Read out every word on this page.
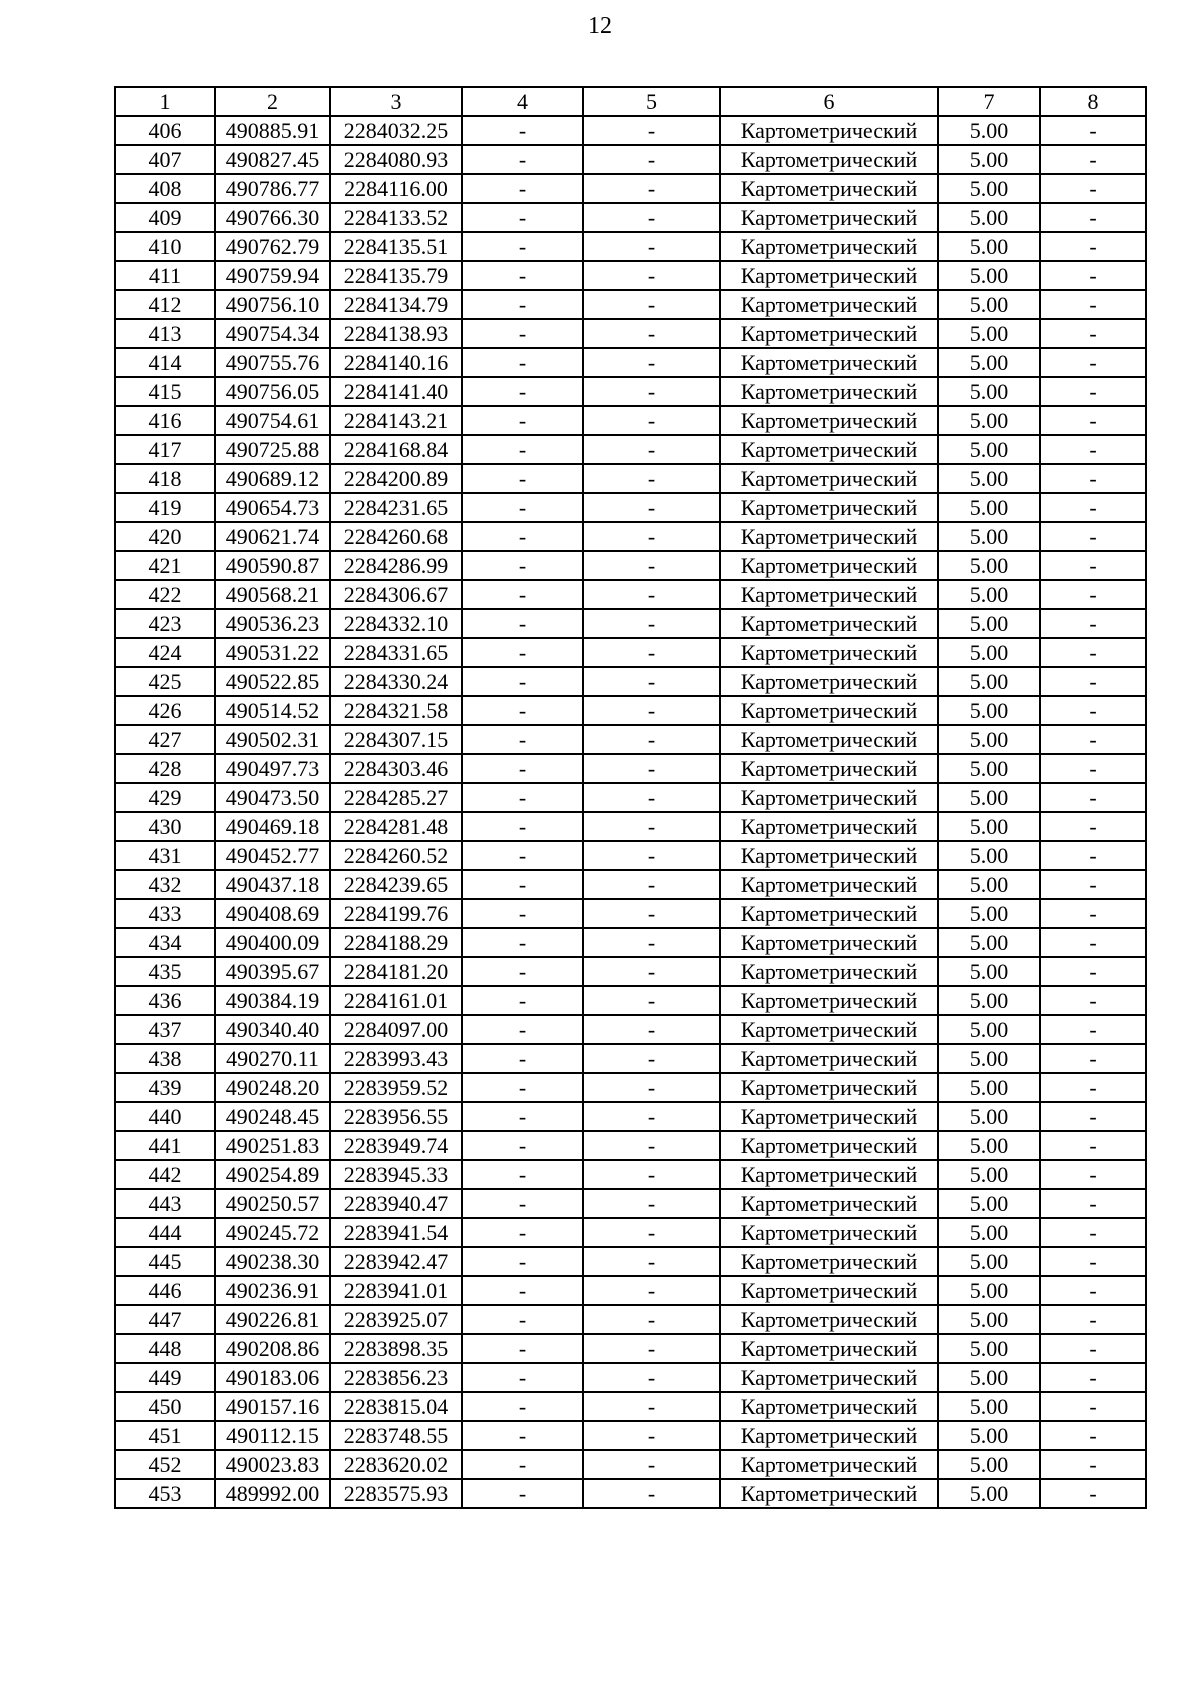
12
1	2	3	4	5	6	7	8
406	490885.91	2284032.25	-	-	Картометрический	5.00	-
407	490827.45	2284080.93	-	-	Картометрический	5.00	-
408	490786.77	2284116.00	-	-	Картометрический	5.00	-
409	490766.30	2284133.52	-	-	Картометрический	5.00	-
410	490762.79	2284135.51	-	-	Картометрический	5.00	-
411	490759.94	2284135.79	-	-	Картометрический	5.00	-
412	490756.10	2284134.79	-	-	Картометрический	5.00	-
413	490754.34	2284138.93	-	-	Картометрический	5.00	-
414	490755.76	2284140.16	-	-	Картометрический	5.00	-
415	490756.05	2284141.40	-	-	Картометрический	5.00	-
416	490754.61	2284143.21	-	-	Картометрический	5.00	-
417	490725.88	2284168.84	-	-	Картометрический	5.00	-
418	490689.12	2284200.89	-	-	Картометрический	5.00	-
419	490654.73	2284231.65	-	-	Картометрический	5.00	-
420	490621.74	2284260.68	-	-	Картометрический	5.00	-
421	490590.87	2284286.99	-	-	Картометрический	5.00	-
422	490568.21	2284306.67	-	-	Картометрический	5.00	-
423	490536.23	2284332.10	-	-	Картометрический	5.00	-
424	490531.22	2284331.65	-	-	Картометрический	5.00	-
425	490522.85	2284330.24	-	-	Картометрический	5.00	-
426	490514.52	2284321.58	-	-	Картометрический	5.00	-
427	490502.31	2284307.15	-	-	Картометрический	5.00	-
428	490497.73	2284303.46	-	-	Картометрический	5.00	-
429	490473.50	2284285.27	-	-	Картометрический	5.00	-
430	490469.18	2284281.48	-	-	Картометрический	5.00	-
431	490452.77	2284260.52	-	-	Картометрический	5.00	-
432	490437.18	2284239.65	-	-	Картометрический	5.00	-
433	490408.69	2284199.76	-	-	Картометрический	5.00	-
434	490400.09	2284188.29	-	-	Картометрический	5.00	-
435	490395.67	2284181.20	-	-	Картометрический	5.00	-
436	490384.19	2284161.01	-	-	Картометрический	5.00	-
437	490340.40	2284097.00	-	-	Картометрический	5.00	-
438	490270.11	2283993.43	-	-	Картометрический	5.00	-
439	490248.20	2283959.52	-	-	Картометрический	5.00	-
440	490248.45	2283956.55	-	-	Картометрический	5.00	-
441	490251.83	2283949.74	-	-	Картометрический	5.00	-
442	490254.89	2283945.33	-	-	Картометрический	5.00	-
443	490250.57	2283940.47	-	-	Картометрический	5.00	-
444	490245.72	2283941.54	-	-	Картометрический	5.00	-
445	490238.30	2283942.47	-	-	Картометрический	5.00	-
446	490236.91	2283941.01	-	-	Картометрический	5.00	-
447	490226.81	2283925.07	-	-	Картометрический	5.00	-
448	490208.86	2283898.35	-	-	Картометрический	5.00	-
449	490183.06	2283856.23	-	-	Картометрический	5.00	-
450	490157.16	2283815.04	-	-	Картометрический	5.00	-
451	490112.15	2283748.55	-	-	Картометрический	5.00	-
452	490023.83	2283620.02	-	-	Картометрический	5.00	-
453	489992.00	2283575.93	-	-	Картометрический	5.00	-
